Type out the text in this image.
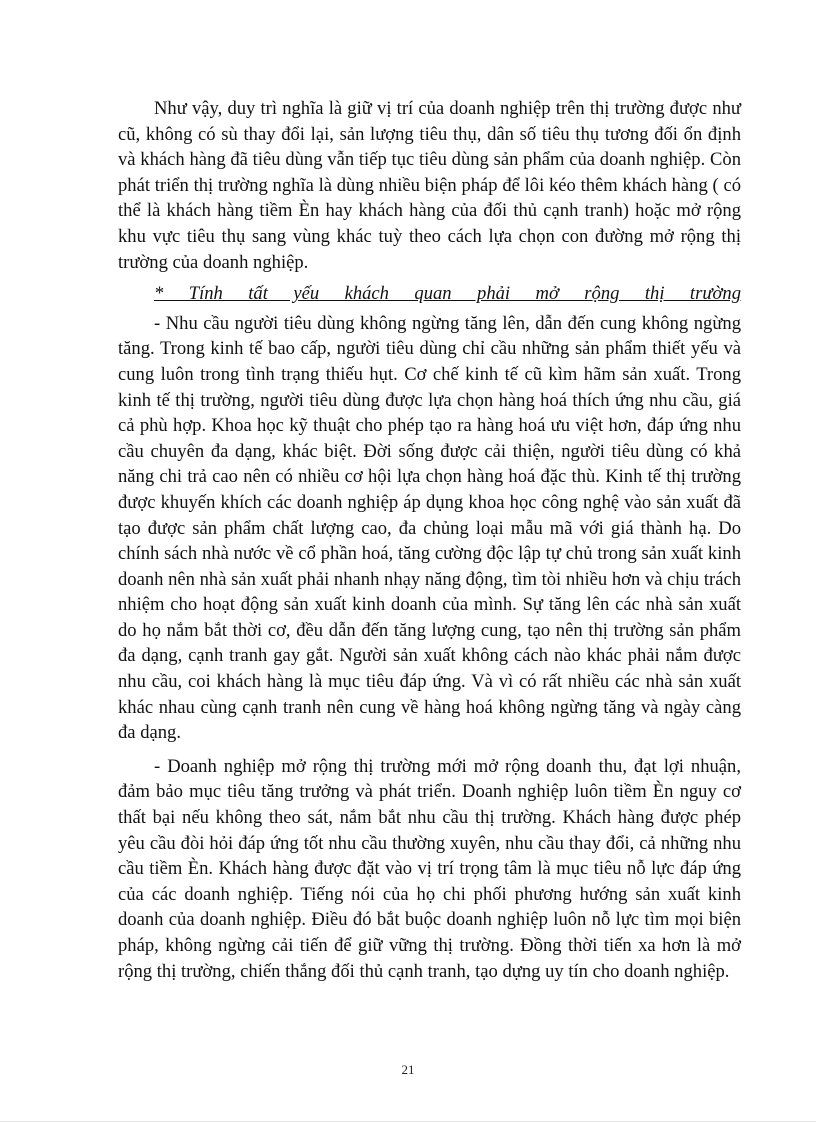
Như vậy, duy trì nghĩa là giữ vị trí của doanh nghiệp trên thị trường được như cũ, không có sù thay đổi lại, sản lượng tiêu thụ, dân số tiêu thụ tương đối ổn định và khách hàng đã tiêu dùng vẫn tiếp tục tiêu dùng sản phẩm của doanh nghiệp. Còn phát triển thị trường nghĩa là dùng nhiều biện pháp để lôi kéo thêm khách hàng ( có thể là khách hàng tiềm Èn hay khách hàng của đối thủ cạnh tranh) hoặc mở rộng khu vực tiêu thụ sang vùng khác tuỳ theo cách lựa chọn con đường mở rộng thị trường của doanh nghiệp.

* Tính tất yếu khách quan phải mở rộng thị trường

- Nhu cầu người tiêu dùng không ngừng tăng lên, dẫn đến cung không ngừng tăng. Trong kinh tế bao cấp, người tiêu dùng chỉ cầu những sản phẩm thiết yếu và cung luôn trong tình trạng thiếu hụt. Cơ chế kinh tế cũ kìm hãm sản xuất. Trong kinh tế thị trường, người tiêu dùng được lựa chọn hàng hoá thích ứng nhu cầu, giá cả phù hợp. Khoa học kỹ thuật cho phép tạo ra hàng hoá ưu việt hơn, đáp ứng nhu cầu chuyên đa dạng, khác biệt. Đời sống được cải thiện, người tiêu dùng có khả năng chi trả cao nên có nhiều cơ hội lựa chọn hàng hoá đặc thù. Kinh tế thị trường được khuyến khích các doanh nghiệp áp dụng khoa học công nghệ vào sản xuất đã tạo được sản phẩm chất lượng cao, đa chủng loại mẫu mã với giá thành hạ. Do chính sách nhà nước về cổ phần hoá, tăng cường độc lập tự chủ trong sản xuất kinh doanh nên nhà sản xuất phải nhanh nhạy năng động, tìm tòi nhiều hơn và chịu trách nhiệm cho hoạt động sản xuất kinh doanh của mình. Sự tăng lên các nhà sản xuất do họ nắm bắt thời cơ, đều dẫn đến tăng lượng cung, tạo nên thị trường sản phẩm đa dạng, cạnh tranh gay gắt. Người sản xuất không cách nào khác phải nắm được nhu cầu, coi khách hàng là mục tiêu đáp ứng. Và vì có rất nhiều các nhà sản xuất khác nhau cùng cạnh tranh nên cung về hàng hoá không ngừng tăng và ngày càng đa dạng.

- Doanh nghiệp mở rộng thị trường mới mở rộng doanh thu, đạt lợi nhuận, đảm bảo mục tiêu tăng trưởng và phát triển. Doanh nghiệp luôn tiềm Èn nguy cơ thất bại nếu không theo sát, nắm bắt nhu cầu thị trường. Khách hàng được phép yêu cầu đòi hỏi đáp ứng tốt nhu cầu thường xuyên, nhu cầu thay đổi, cả những nhu cầu tiềm Èn. Khách hàng được đặt vào vị trí trọng tâm là mục tiêu nỗ lực đáp ứng của các doanh nghiệp. Tiếng nói của họ chi phối phương hướng sản xuất kinh doanh của doanh nghiệp. Điều đó bắt buộc doanh nghiệp luôn nỗ lực tìm mọi biện pháp, không ngừng cải tiến để giữ vững thị trường. Đồng thời tiến xa hơn là mở rộng thị trường, chiến thắng đối thủ cạnh tranh, tạo dựng uy tín cho doanh nghiệp.

21
